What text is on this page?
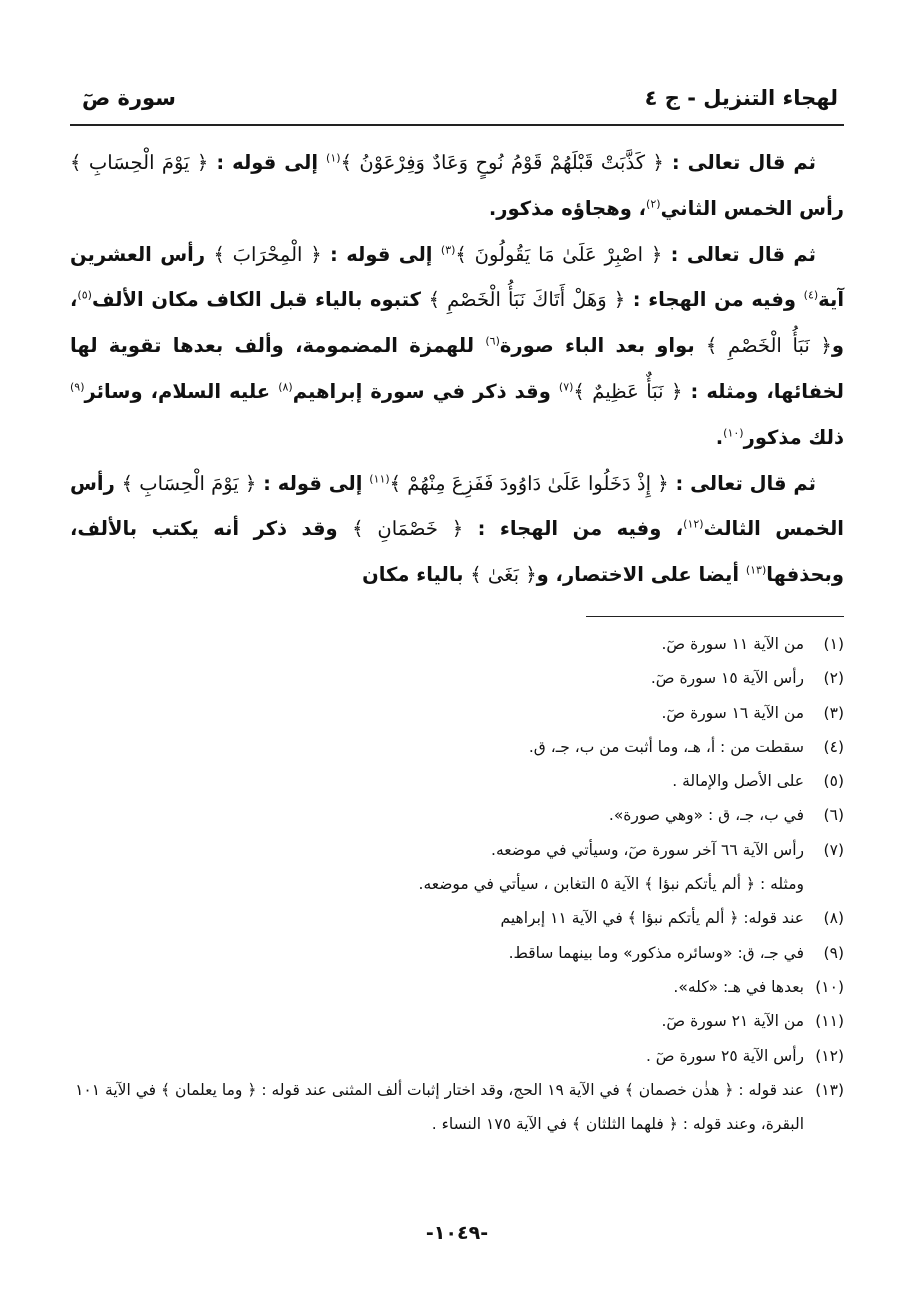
لهجاء التنزيل - ج ٤
سورة صٓ

ثم قال تعالى : ﴿ كَذَّبَتْ قَبْلَهُمْ قَوْمُ نُوحٍ وَعَادٌ وَفِرْعَوْنُ ﴾$^{(١)}$ إلى قوله : ﴿ يَوْمَ الْحِسَابِ ﴾ رأس الخمس الثاني$^{(٢)}$، وهجاؤه مذكور.

ثم قال تعالى : ﴿ اصْبِرْ عَلَىٰ مَا يَقُولُونَ ﴾$^{(٣)}$ إلى قوله : ﴿ الْمِحْرَابَ ﴾ رأس العشرين آية$^{(٤)}$ وفيه من الهجاء : ﴿ وَهَلْ أَتَاكَ نَبَأُ الْخَصْمِ ﴾ كتبوه بالياء قبل الكاف مكان الألف$^{(٥)}$، و﴿ نَبَأُ الْخَصْمِ ﴾ بواو بعد الباء صورة$^{(٦)}$ للهمزة المضمومة، وألف بعدها تقوية لها لخفائها، ومثله : ﴿ نَبَأٌ عَظِيمٌ ﴾$^{(٧)}$ وقد ذكر في سورة إبراهيم$^{(٨)}$ عليه السلام، وسائر$^{(٩)}$ ذلك مذكور$^{(١٠)}$.

ثم قال تعالى : ﴿ إِذْ دَخَلُوا عَلَىٰ دَاوُودَ فَفَزِعَ مِنْهُمْ ﴾$^{(١١)}$ إلى قوله : ﴿ يَوْمَ الْحِسَابِ ﴾ رأس الخمس الثالث$^{(١٢)}$، وفيه من الهجاء : ﴿ خَصْمَانِ ﴾ وقد ذكر أنه يكتب بالألف، وبحذفها$^{(١٣)}$ أيضا على الاختصار، و﴿ بَغَىٰ ﴾ بالياء مكان

(١)
من الآية ١١ سورة صٓ.
(٢)
رأس الآية ١٥ سورة صٓ.
(٣)
من الآية ١٦ سورة صٓ.
(٤)
سقطت من : أ، هـ، وما أثبت من ب، جـ، ق.
(٥)
على الأصل والإمالة .
(٦)
في ب، جـ، ق : «وهي صورة».
(٧)
رأس الآية ٦٦ آخر سورة صٓ، وسيأتي في موضعه.
ومثله : ﴿ ألم يأتكم نبؤا ﴾ الآية ٥ التغابن ، سيأتي في موضعه.
(٨)
عند قوله: ﴿ ألم يأتكم نبؤا ﴾ في الآية ١١ إبراهيم
(٩)
في جـ، ق: «وسائره مذكور» وما بينهما ساقط.
(١٠)
بعدها في هـ: «كله».
(١١)
من الآية ٢١ سورة صٓ.
(١٢)
رأس الآية ٢٥ سورة صٓ .
(١٣)
عند قوله : ﴿ هذٰن خصمان ﴾ في الآية ١٩ الحج، وقد اختار إثبات ألف المثنى عند قوله : ﴿ وما يعلمان ﴾ في الآية ١٠١ البقرة، وعند قوله : ﴿ فلهما الثلثان ﴾ في الآية ١٧٥ النساء .
-١٠٤٩-
